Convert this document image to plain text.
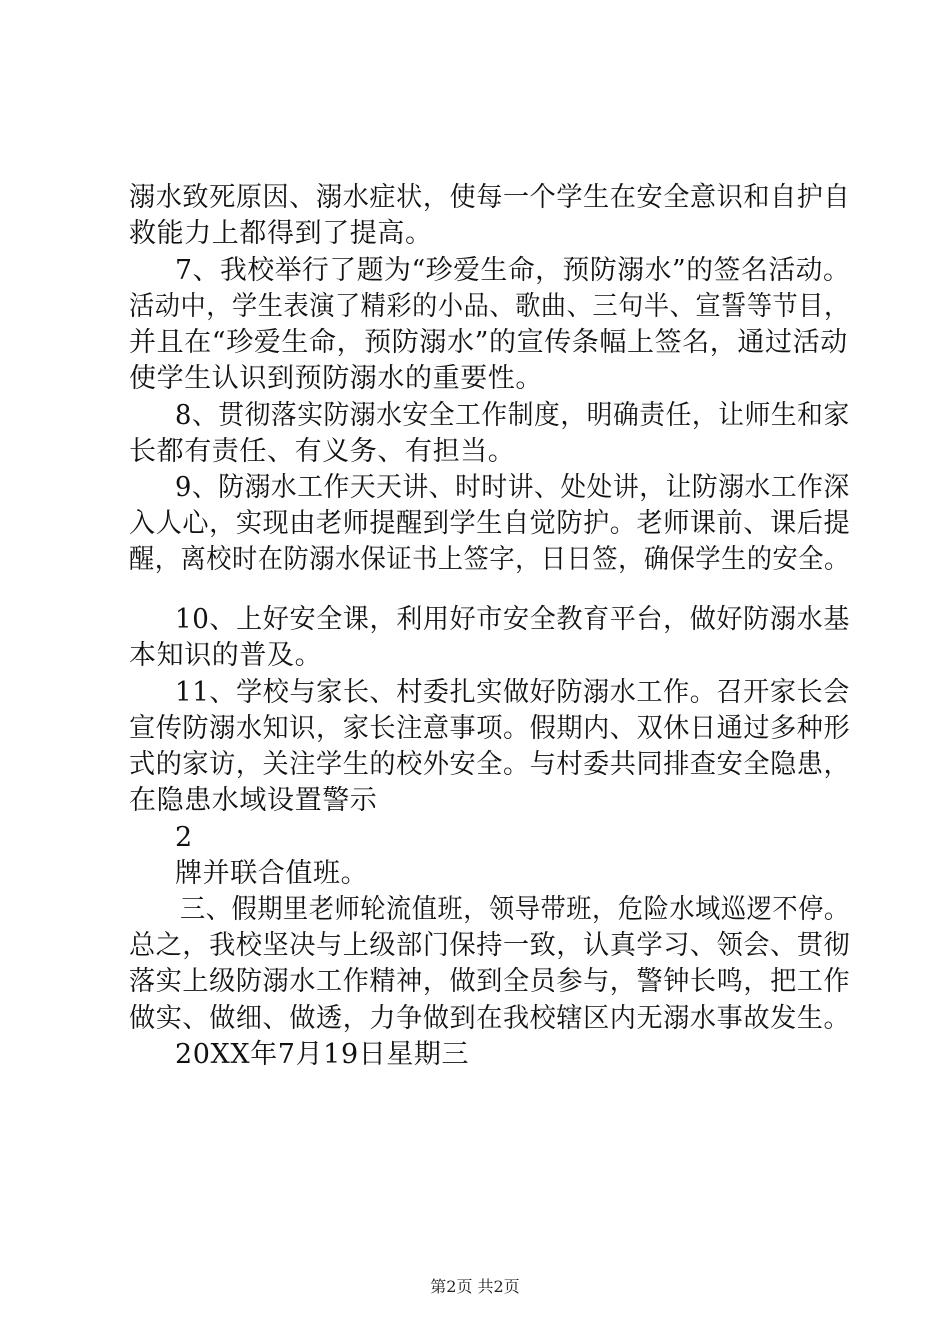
溺水致死原因、溺水症状，使每一个学生在安全意识和自护自
救能力上都得到了提高。
7、我校举行了题为“珍爱生命，预防溺水”的签名活动。
活动中，学生表演了精彩的小品、歌曲、三句半、宣誓等节目，
并且在“珍爱生命，预防溺水”的宣传条幅上签名，通过活动
使学生认识到预防溺水的重要性。
8、贯彻落实防溺水安全工作制度，明确责任，让师生和家
长都有责任、有义务、有担当。
9、防溺水工作天天讲、时时讲、处处讲，让防溺水工作深
入人心，实现由老师提醒到学生自觉防护。老师课前、课后提
醒，离校时在防溺水保证书上签字，日日签，确保学生的安全。
10、上好安全课，利用好市安全教育平台，做好防溺水基
本知识的普及。
11、学校与家长、村委扎实做好防溺水工作。召开家长会
宣传防溺水知识，家长注意事项。假期内、双休日通过多种形
式的家访，关注学生的校外安全。与村委共同排查安全隐患，
在隐患水域设置警示
2
牌并联合值班。
三、假期里老师轮流值班，领导带班，危险水域巡逻不停。
总之，我校坚决与上级部门保持一致，认真学习、领会、贯彻
落实上级防溺水工作精神，做到全员参与，警钟长鸣，把工作
做实、做细、做透，力争做到在我校辖区内无溺水事故发生。
20XX年7月19日星期三
第2页 共2页
